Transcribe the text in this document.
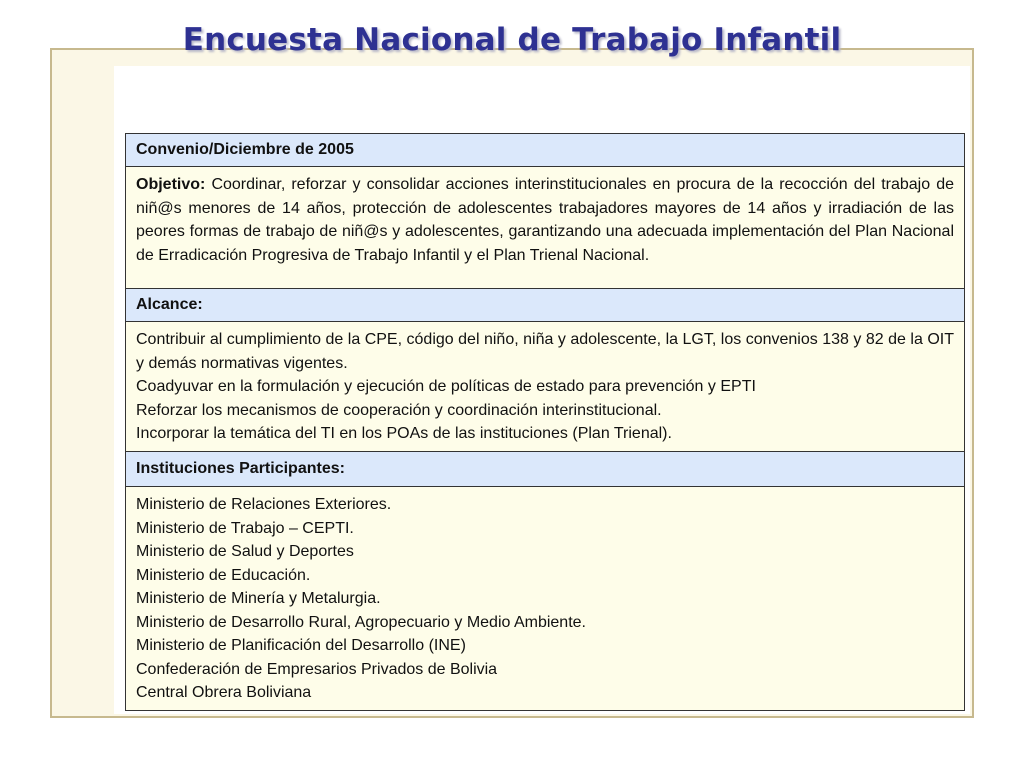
Encuesta Nacional de Trabajo Infantil
Convenio/Diciembre de 2005
Objetivo: Coordinar, reforzar y consolidar acciones interinstitucionales en procura de la recocción del trabajo de niñ@s menores de 14 años, protección de adolescentes trabajadores mayores de 14 años y irradiación de las peores formas de trabajo de niñ@s y adolescentes, garantizando una adecuada implementación del Plan Nacional de Erradicación Progresiva de Trabajo Infantil y el Plan Trienal Nacional.
Alcance:
Contribuir al cumplimiento de la CPE, código del niño, niña y adolescente, la LGT, los convenios 138 y 82 de la OIT y demás normativas vigentes.
Coadyuvar en la formulación y ejecución de políticas de estado para prevención y EPTI
Reforzar los mecanismos de cooperación y coordinación interinstitucional.
Incorporar la temática del TI en los POAs de las instituciones (Plan Trienal).
Instituciones Participantes:
Ministerio de Relaciones Exteriores.
Ministerio de Trabajo – CEPTI.
Ministerio de Salud y Deportes
Ministerio de Educación.
Ministerio de Minería y Metalurgia.
Ministerio de Desarrollo Rural, Agropecuario y Medio Ambiente.
Ministerio de Planificación del Desarrollo (INE)
Confederación de Empresarios Privados de Bolivia
Central Obrera Boliviana
